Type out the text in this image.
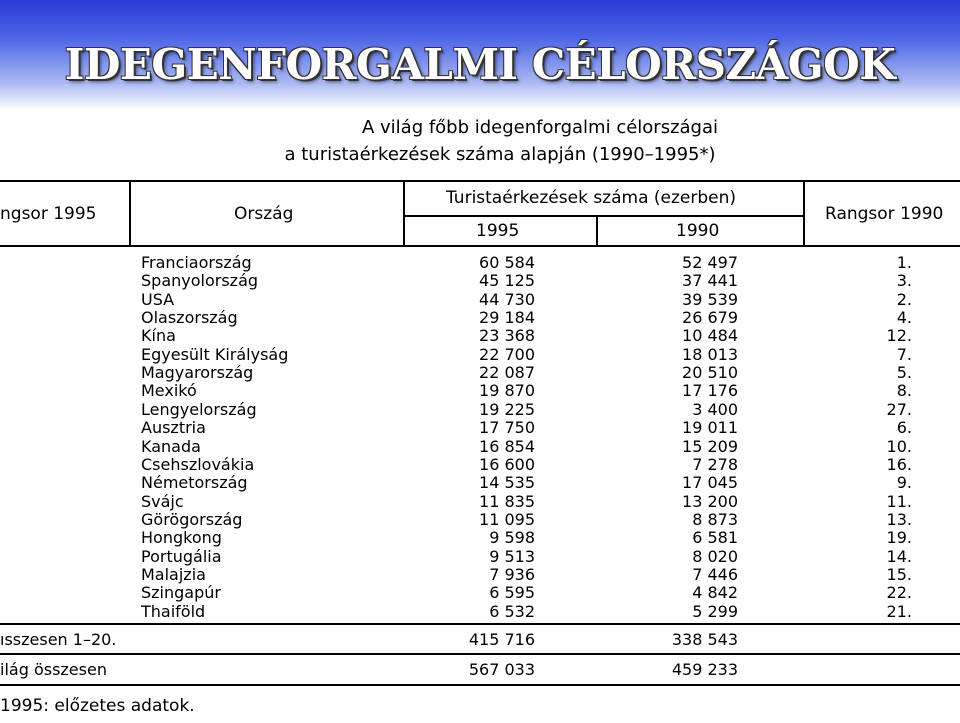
IDEGENFORGALMI CÉLORSZÁGOK
A világ főbb idegenforgalmi célországai
a turistaérkezések száma alapján (1990–1995*)
ngsor 1995	Ország
Turistaérkezések száma (ezerben)
1995	1990
Rangsor 1990
Franciaország	60 584	52 497	1.
Spanyolország	45 125	37 441	3.
USA	44 730	39 539	2.
Olaszország	29 184	26 679	4.
Kína	23 368	10 484	12.
Egyesült Királyság	22 700	18 013	7.
Magyarország	22 087	20 510	5.
Mexikó	19 870	17 176	8.
Lengyelország	19 225	3 400	27.
Ausztria	17 750	19 011	6.
Kanada	16 854	15 209	10.
Csehszlovákia	16 600	7 278	16.
Németország	14 535	17 045	9.
Svájc	11 835	13 200	11.
Görögország	11 095	8 873	13.
Hongkong	9 598	6 581	19.
Portugália	9 513	8 020	14.
Malajzia	7 936	7 446	15.
Szingapúr	6 595	4 842	22.
Thaiföld	6 532	5 299	21.
ısszesen 1–20.	415 716	338 543
ilág összesen	567 033	459 233
1995: előzetes adatok.
